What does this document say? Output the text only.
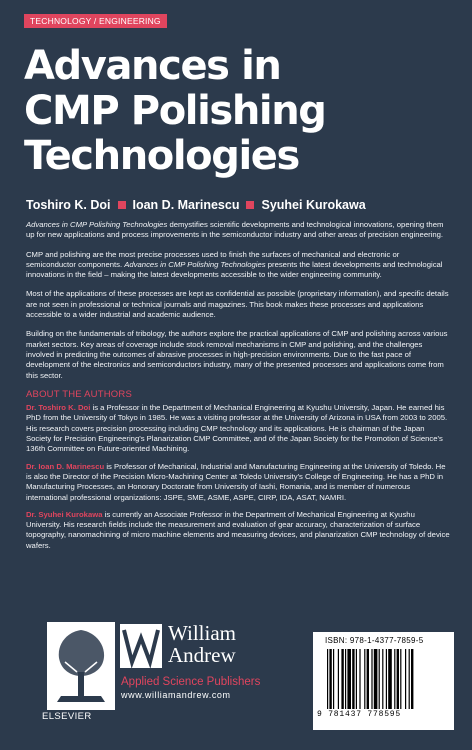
TECHNOLOGY / ENGINEERING
Advances in
CMP Polishing
Technologies
Toshiro K. Doi Ioan D. Marinescu Syuhei Kurokawa

Advances in CMP Polishing Technologies demystifies scientific developments and technological innovations, opening them up for new applications and process improvements in the semiconductor industry and other areas of precision engineering.

CMP and polishing are the most precise processes used to finish the surfaces of mechanical and electronic or semiconductor components. Advances in CMP Polishing Technologies presents the latest developments and technological innovations in the field – making the latest developments accessible to the wider engineering community.

Most of the applications of these processes are kept as confidential as possible (proprietary information), and specific details are not seen in professional or technical journals and magazines. This book makes these processes and applications accessible to a wider industrial and academic audience.

Building on the fundamentals of tribology, the authors explore the practical applications of CMP and polishing across various market sectors. Key areas of coverage include stock removal mechanisms in CMP and polishing, and the challenges involved in predicting the outcomes of abrasive processes in high-precision environments. Due to the fast pace of development of the electronics and semiconductors industry, many of the presented processes and applications come from this sector.

ABOUT THE AUTHORS
Dr. Toshiro K. Doi is a Professor in the Department of Mechanical Engineering at Kyushu University, Japan. He earned his PhD from the University of Tokyo in 1985. He was a visiting professor at the University of Arizona in USA from 2003 to 2005. His research covers precision processing including CMP technology and its applications. He is chairman of the Japan Society for Precision Engineering's Planarization CMP Committee, and of the Japan Society for the Promotion of Science's 136th Committee on Future-oriented Machining.
Dr. Ioan D. Marinescu is Professor of Mechanical, Industrial and Manufacturing Engineering at the University of Toledo. He is also the Director of the Precision Micro-Machining Center at Toledo University's College of Engineering. He has a PhD in Manufacturing Processes, an Honorary Doctorate from University of Iashi, Romania, and is member of numerous international professional organizations: JSPE, SME, ASME, ASPE, CIRP, IDA, ASAT, NAMRI.
Dr. Syuhei Kurokawa is currently an Associate Professor in the Department of Mechanical Engineering at Kyushu University. His research fields include the measurement and evaluation of gear accuracy, characterization of surface topography, nanomachining of micro machine elements and measuring devices, and planarization CMP technology of device wafers.
ELSEVIER
William
Andrew
Applied Science Publishers
www.williamandrew.com
ISBN: 978-1-4377-7859-5
9 781437 778595
